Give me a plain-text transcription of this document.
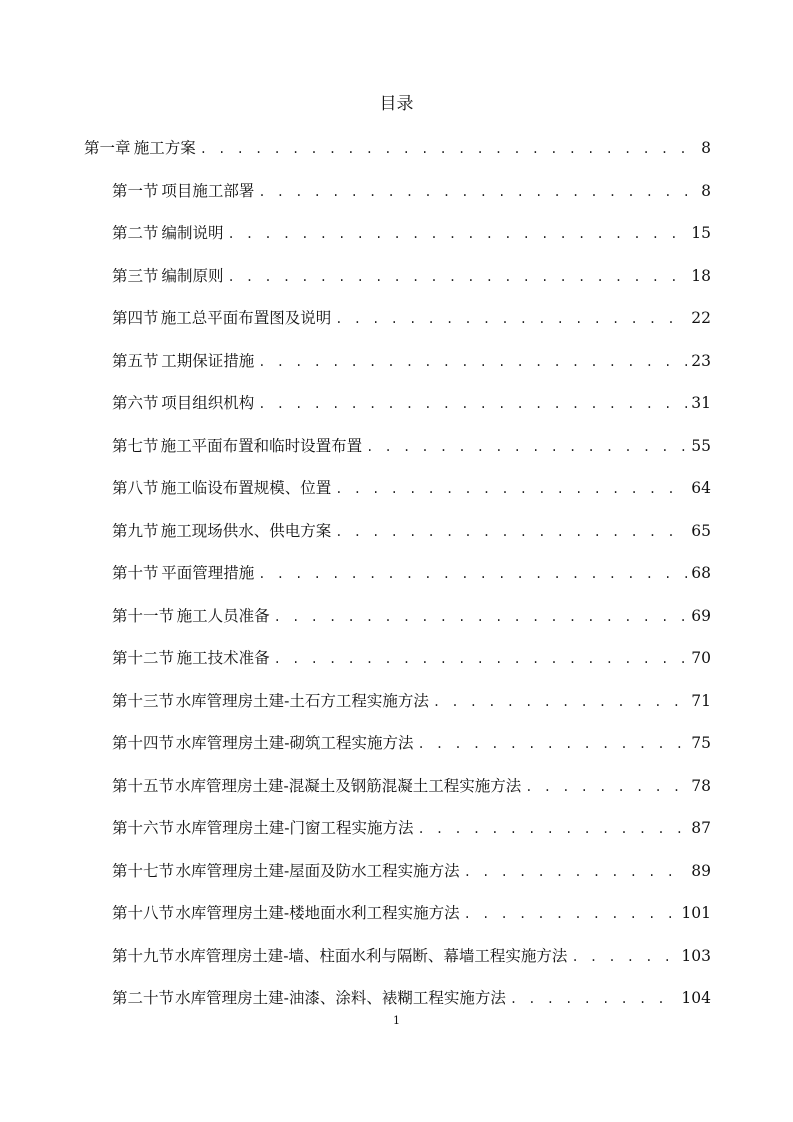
目录
第一章 施工方案 . . .	8
第一节 项目施工部署 . . .	8
第二节 编制说明 . . .	15
第三节 编制原则 . . .	18
第四节 施工总平面布置图及说明 . . .	22
第五节 工期保证措施 . . .	23
第六节 项目组织机构 . . .	31
第七节 施工平面布置和临时设置布置 . . .	55
第八节 施工临设布置规模、位置 . . .	64
第九节 施工现场供水、供电方案 . . .	65
第十节 平面管理措施 . . .	68
第十一节 施工人员准备 . . .	69
第十二节 施工技术准备 . . .	70
第十三节 水库管理房土建-土石方工程实施方法 . . .	71
第十四节 水库管理房土建-砌筑工程实施方法 . . .	75
第十五节 水库管理房土建-混凝土及钢筋混凝土工程实施方法 . . .	78
第十六节 水库管理房土建-门窗工程实施方法 . . .	87
第十七节 水库管理房土建-屋面及防水工程实施方法 . . .	89
第十八节 水库管理房土建-楼地面水利工程实施方法 . . .	101
第十九节 水库管理房土建-墙、柱面水利与隔断、幕墙工程实施方法 . . .	103
第二十节 水库管理房土建-油漆、涂料、裱糊工程实施方法 . . .	104
1
